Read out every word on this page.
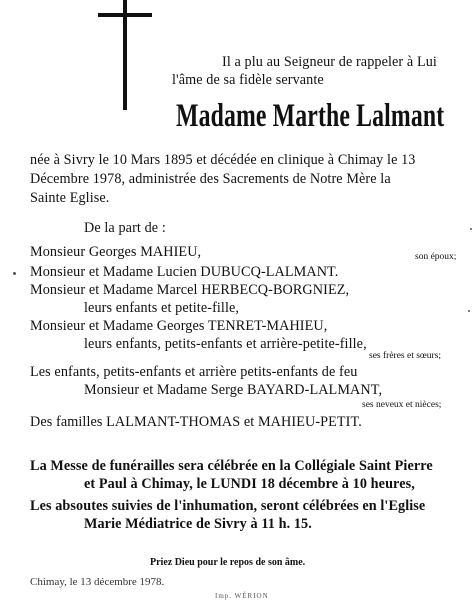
Il a plu au Seigneur de rappeler à Lui
l'âme de sa fidèle servante
Madame Marthe Lalmant
née à Sivry le 10 Mars 1895 et décédée en clinique à Chimay le 13
Décembre 1978, administrée des Sacrements de Notre Mère la
Sainte Eglise.
De la part de :
Monsieur Georges MAHIEU,	son époux;
Monsieur et Madame Lucien DUBUCQ-LALMANT.
Monsieur et Madame Marcel HERBECQ-BORGNIEZ,
leurs enfants et petite-fille,
Monsieur et Madame Georges TENRET-MAHIEU,
leurs enfants, petits-enfants et arrière-petite-fille,
ses frères et sœurs;
Les enfants, petits-enfants et arrière petits-enfants de feu
Monsieur et Madame Serge BAYARD-LALMANT,
ses neveux et nièces;
Des familles LALMANT-THOMAS et MAHIEU-PETIT.
La Messe de funérailles sera célébrée en la Collégiale Saint Pierre
et Paul à Chimay, le LUNDI 18 décembre à 10 heures,
Les absoutes suivies de l'inhumation, seront célébrées en l'Eglise
Marie Médiatrice de Sivry à 11 h. 15.
Priez Dieu pour le repos de son âme.
Chimay, le 13 décembre 1978.
Imp. WÉRION
